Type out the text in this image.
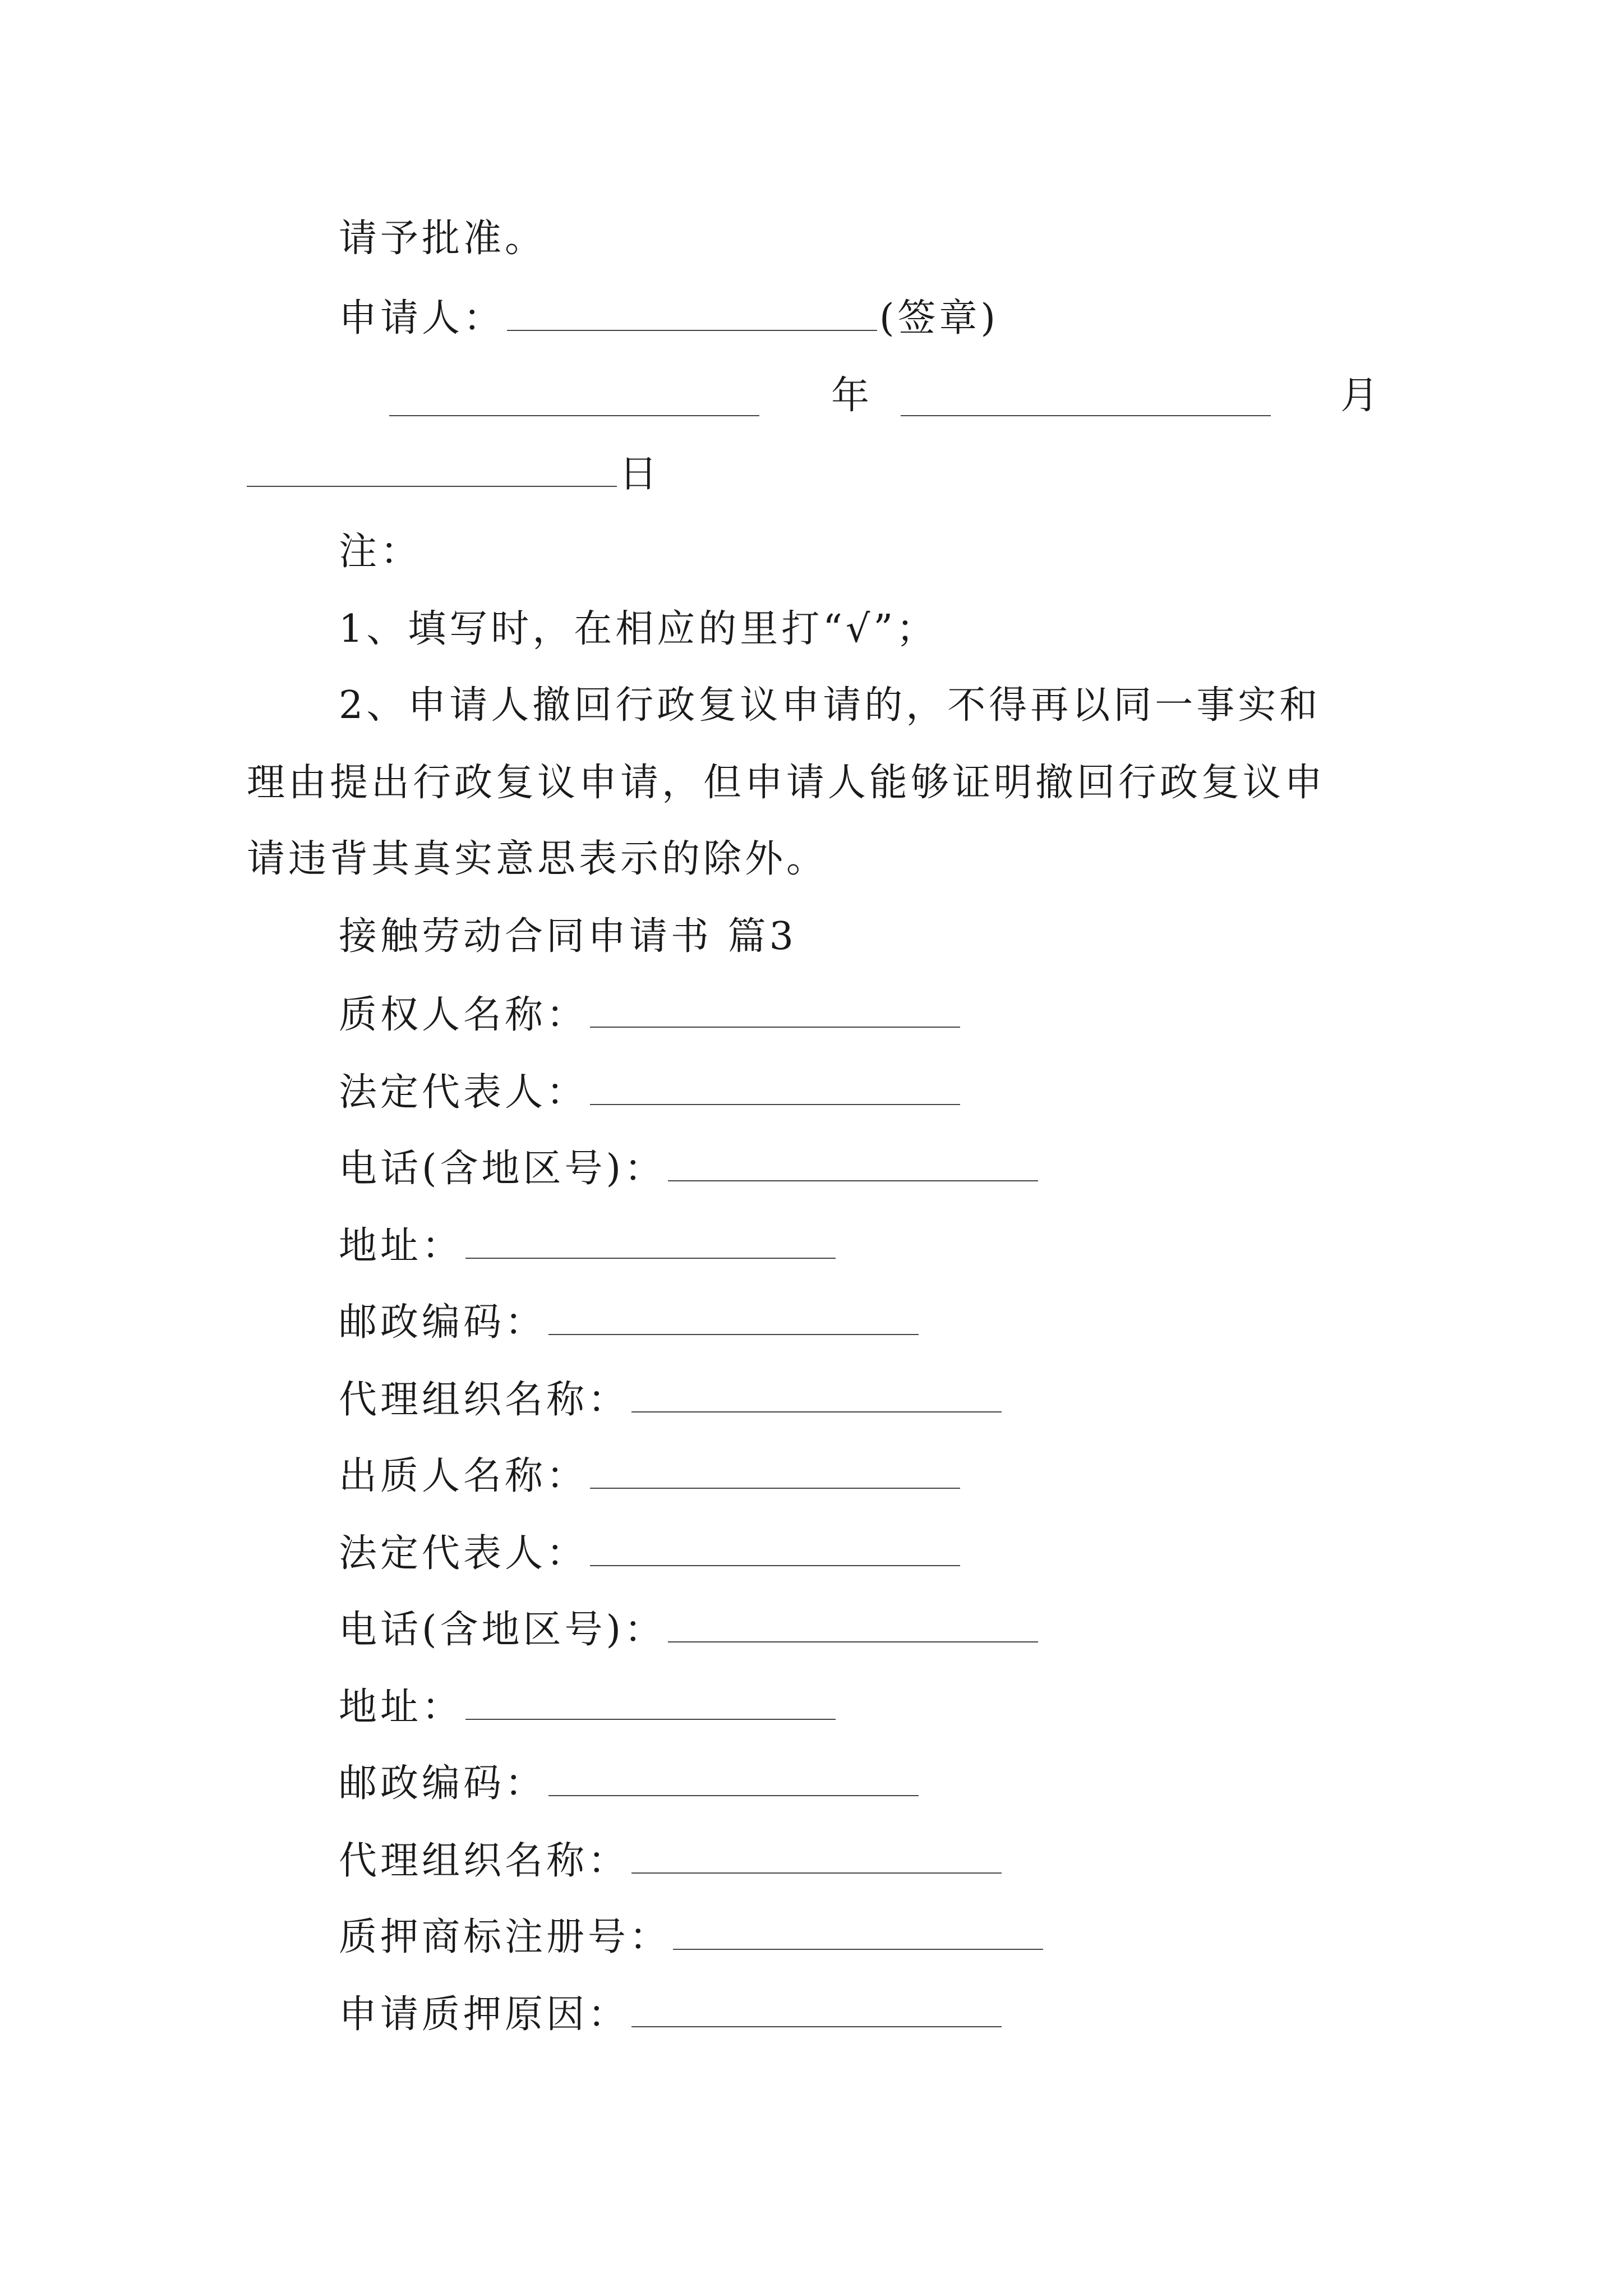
请予批准。
申请人：	(签章)
年	月
日
注：
1、填写时，在相应的里打“√”；
2、申请人撤回行政复议申请的，不得再以同一事实和
理由提出行政复议申请，但申请人能够证明撤回行政复议申
请违背其真实意思表示的除外。
接触劳动合同申请书 篇3
质权人名称：
法定代表人：
电话(含地区号)：
地址：
邮政编码：
代理组织名称：
出质人名称：
法定代表人：
电话(含地区号)：
地址：
邮政编码：
代理组织名称：
质押商标注册号：
申请质押原因：
